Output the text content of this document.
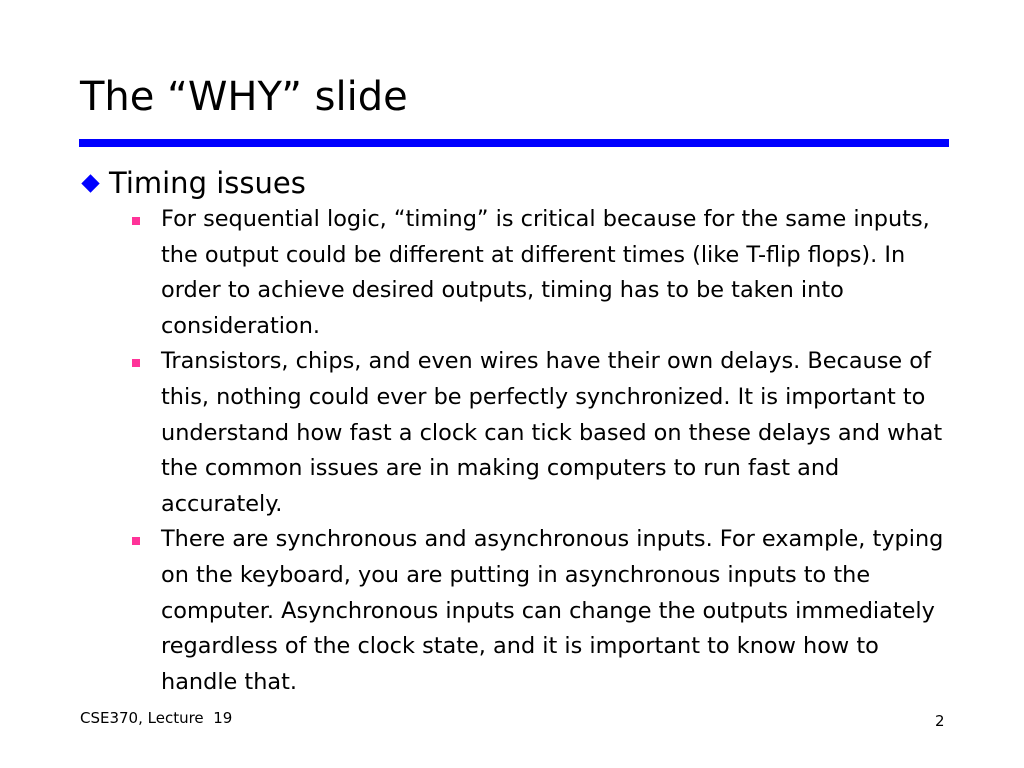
The “WHY” slide
Timing issues
For sequential logic, “timing” is critical because for the same inputs, the output could be different at different times (like T-flip flops). In order to achieve desired outputs, timing has to be taken into consideration.
Transistors, chips, and even wires have their own delays. Because of this, nothing could ever be perfectly synchronized. It is important to understand how fast a clock can tick based on these delays and what the common issues are in making computers to run fast and accurately.
There are synchronous and asynchronous inputs. For example, typing on the keyboard, you are putting in asynchronous inputs to the computer. Asynchronous inputs can change the outputs immediately regardless of the clock state, and it is important to know how to handle that.
CSE370, Lecture  19	2
